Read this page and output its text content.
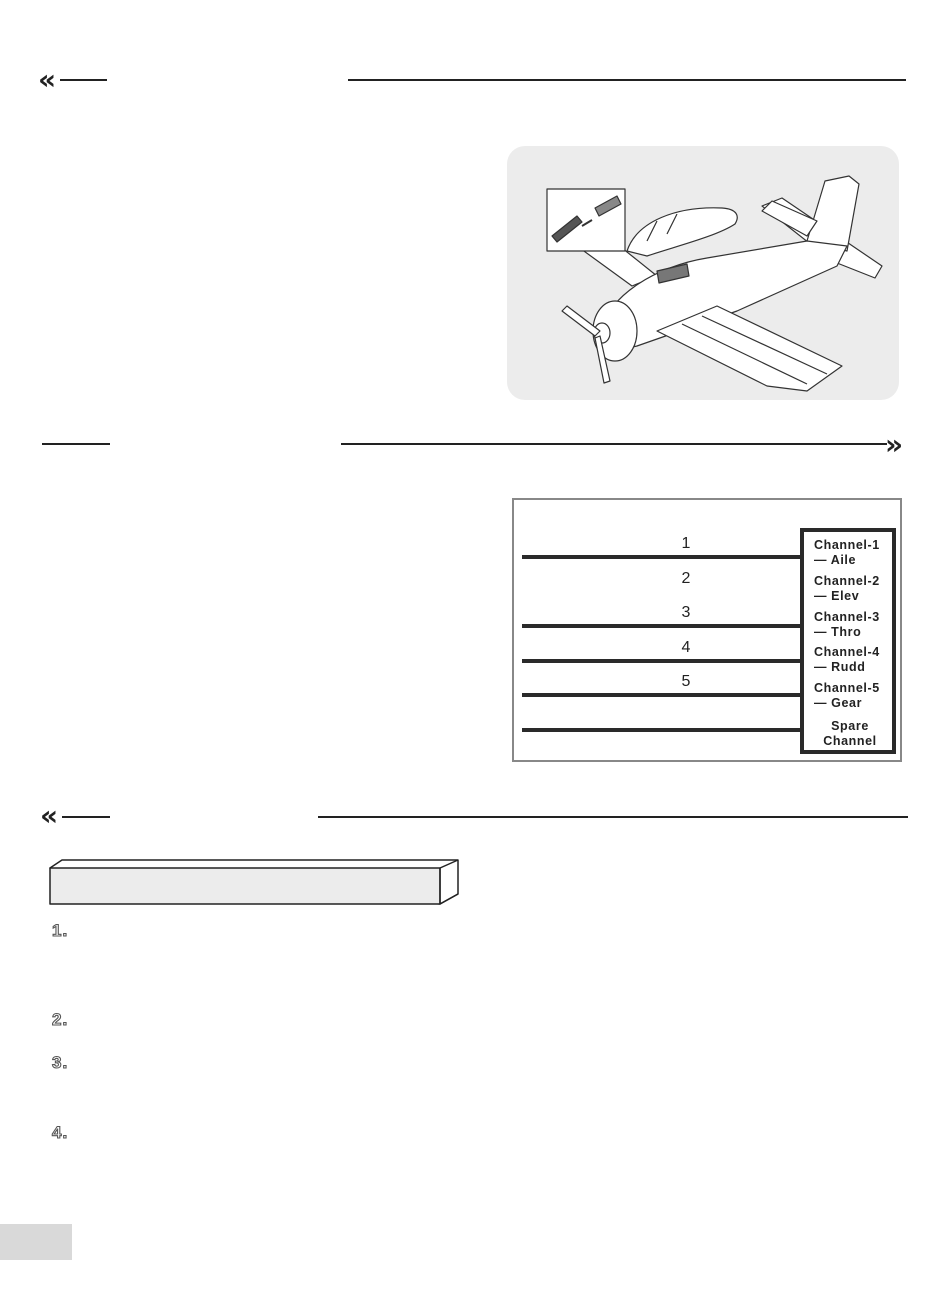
«
»
1
2
3
4
5
Channel-1
— Aile
Channel-2
— Elev
Channel-3
— Thro
Channel-4
— Rudd
Channel-5
— Gear
Spare
Channel
«
1.
2.
3.
4.
